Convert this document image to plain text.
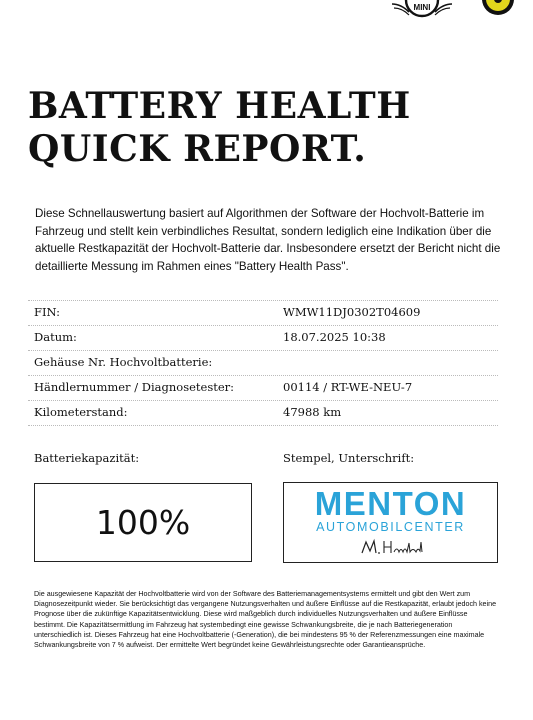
MINI
BATTERY HEALTH
QUICK REPORT.
Diese Schnellauswertung basiert auf Algorithmen der Software der Hochvolt-Batterie im Fahrzeug und stellt kein verbindliches Resultat, sondern lediglich eine Indikation über die aktuelle Restkapazität der Hochvolt-Batterie dar. Insbesondere ersetzt der Bericht nicht die detaillierte Messung im Rahmen eines "Battery Health Pass".
FIN:	WMW11DJ0302T04609
Datum:	18.07.2025 10:38
Gehäuse Nr. Hochvoltbatterie:
Händlernummer / Diagnosetester:	00114 / RT-WE-NEU-7
Kilometerstand:	47988 km
Batteriekapazität:	Stempel, Unterschrift:
100%	MENTON
AUTOMOBILCENTER
Die ausgewiesene Kapazität der Hochvoltbatterie wird von der Software des Batteriemanagementsystems ermittelt und gibt den Wert zum Diagnosezeitpunkt wieder. Sie berücksichtigt das vergangene Nutzungsverhalten und äußere Einflüsse auf die Restkapazität, erlaubt jedoch keine Prognose über die zukünftige Kapazitätsentwicklung. Diese wird maßgeblich durch individuelles Nutzungsverhalten und äußere Einflüsse bestimmt. Die Kapazitätsermittlung im Fahrzeug hat systembedingt eine gewisse Schwankungsbreite, die je nach Batteriegeneration unterschiedlich ist. Dieses Fahrzeug hat eine Hochvoltbatterie (-Generation), die bei mindestens 95 % der Referenzmessungen eine maximale Schwankungsbreite von 7 % aufweist. Der ermittelte Wert begründet keine Gewährleistungsrechte oder Garantieansprüche.
